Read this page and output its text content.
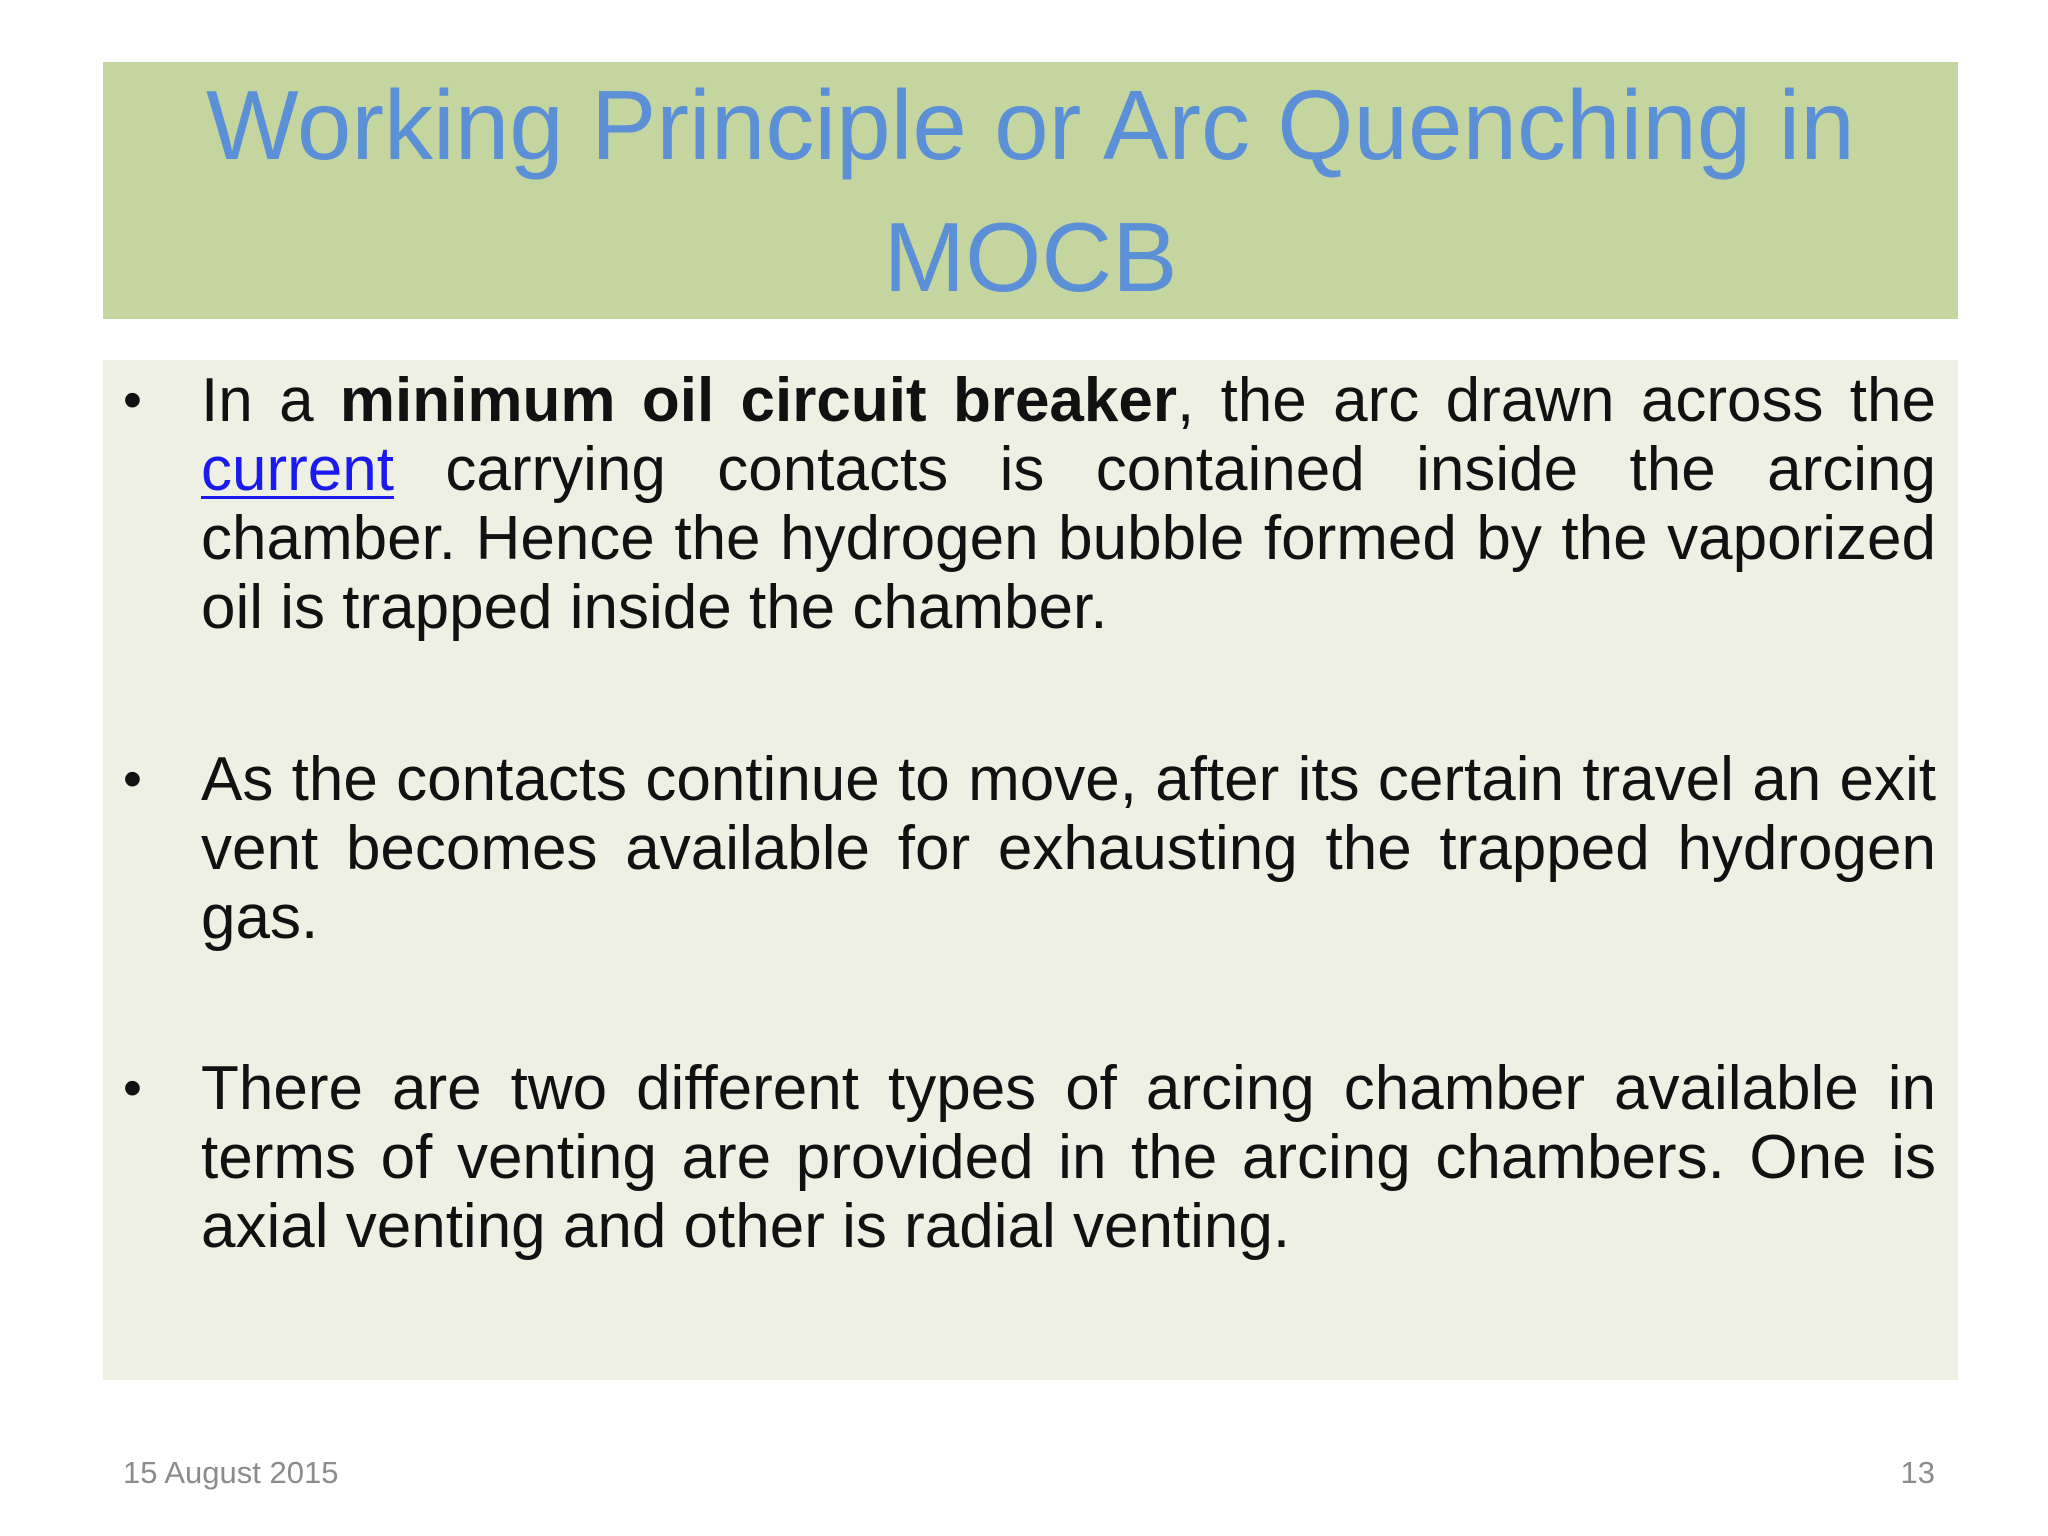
Working Principle or Arc Quenching in MOCB
• In a minimum oil circuit breaker, the arc drawn across the current carrying contacts is contained inside the arcing chamber. Hence the hydrogen bubble formed by the vaporized oil is trapped inside the chamber.
• As the contacts continue to move, after its certain travel an exit vent becomes available for exhausting the trapped hydrogen gas.
• There are two different types of arcing chamber available in terms of venting are provided in the arcing chambers. One is axial venting and other is radial venting.
15 August 2015	13
